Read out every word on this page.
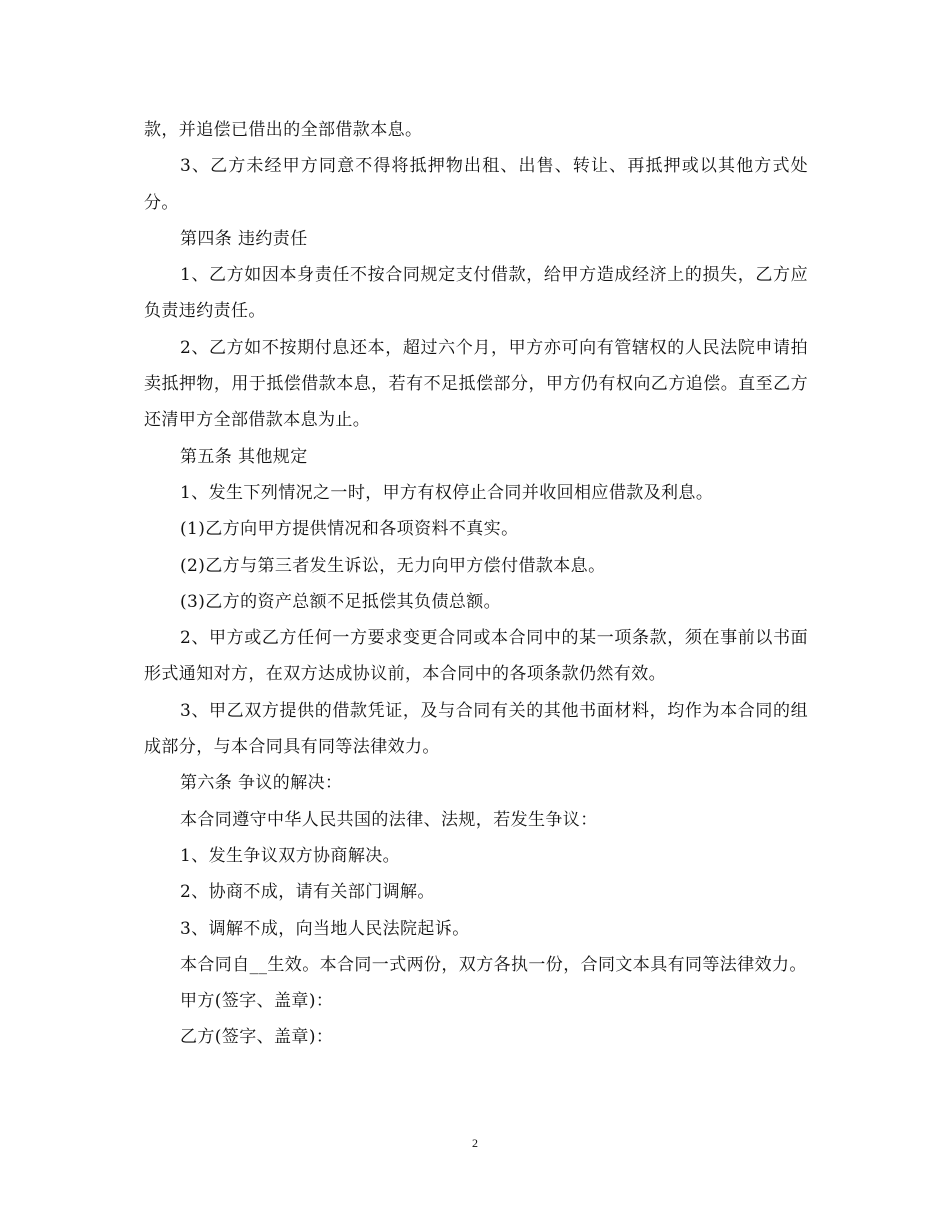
款，并追偿已借出的全部借款本息。

3、乙方未经甲方同意不得将抵押物出租、出售、转让、再抵押或以其他方式处分。

第四条 违约责任

1、乙方如因本身责任不按合同规定支付借款，给甲方造成经济上的损失，乙方应负责违约责任。

2、乙方如不按期付息还本，超过六个月，甲方亦可向有管辖权的人民法院申请拍卖抵押物，用于抵偿借款本息，若有不足抵偿部分，甲方仍有权向乙方追偿。直至乙方还清甲方全部借款本息为止。

第五条 其他规定

1、发生下列情况之一时，甲方有权停止合同并收回相应借款及利息。

(1)乙方向甲方提供情况和各项资料不真实。

(2)乙方与第三者发生诉讼，无力向甲方偿付借款本息。

(3)乙方的资产总额不足抵偿其负债总额。

2、甲方或乙方任何一方要求变更合同或本合同中的某一项条款，须在事前以书面形式通知对方，在双方达成协议前，本合同中的各项条款仍然有效。

3、甲乙双方提供的借款凭证，及与合同有关的其他书面材料，均作为本合同的组成部分，与本合同具有同等法律效力。

第六条 争议的解决：

本合同遵守中华人民共国的法律、法规，若发生争议：

1、发生争议双方协商解决。

2、协商不成，请有关部门调解。

3、调解不成，向当地人民法院起诉。

本合同自__生效。本合同一式两份，双方各执一份，合同文本具有同等法律效力。

甲方(签字、盖章)：

乙方(签字、盖章)：

2
